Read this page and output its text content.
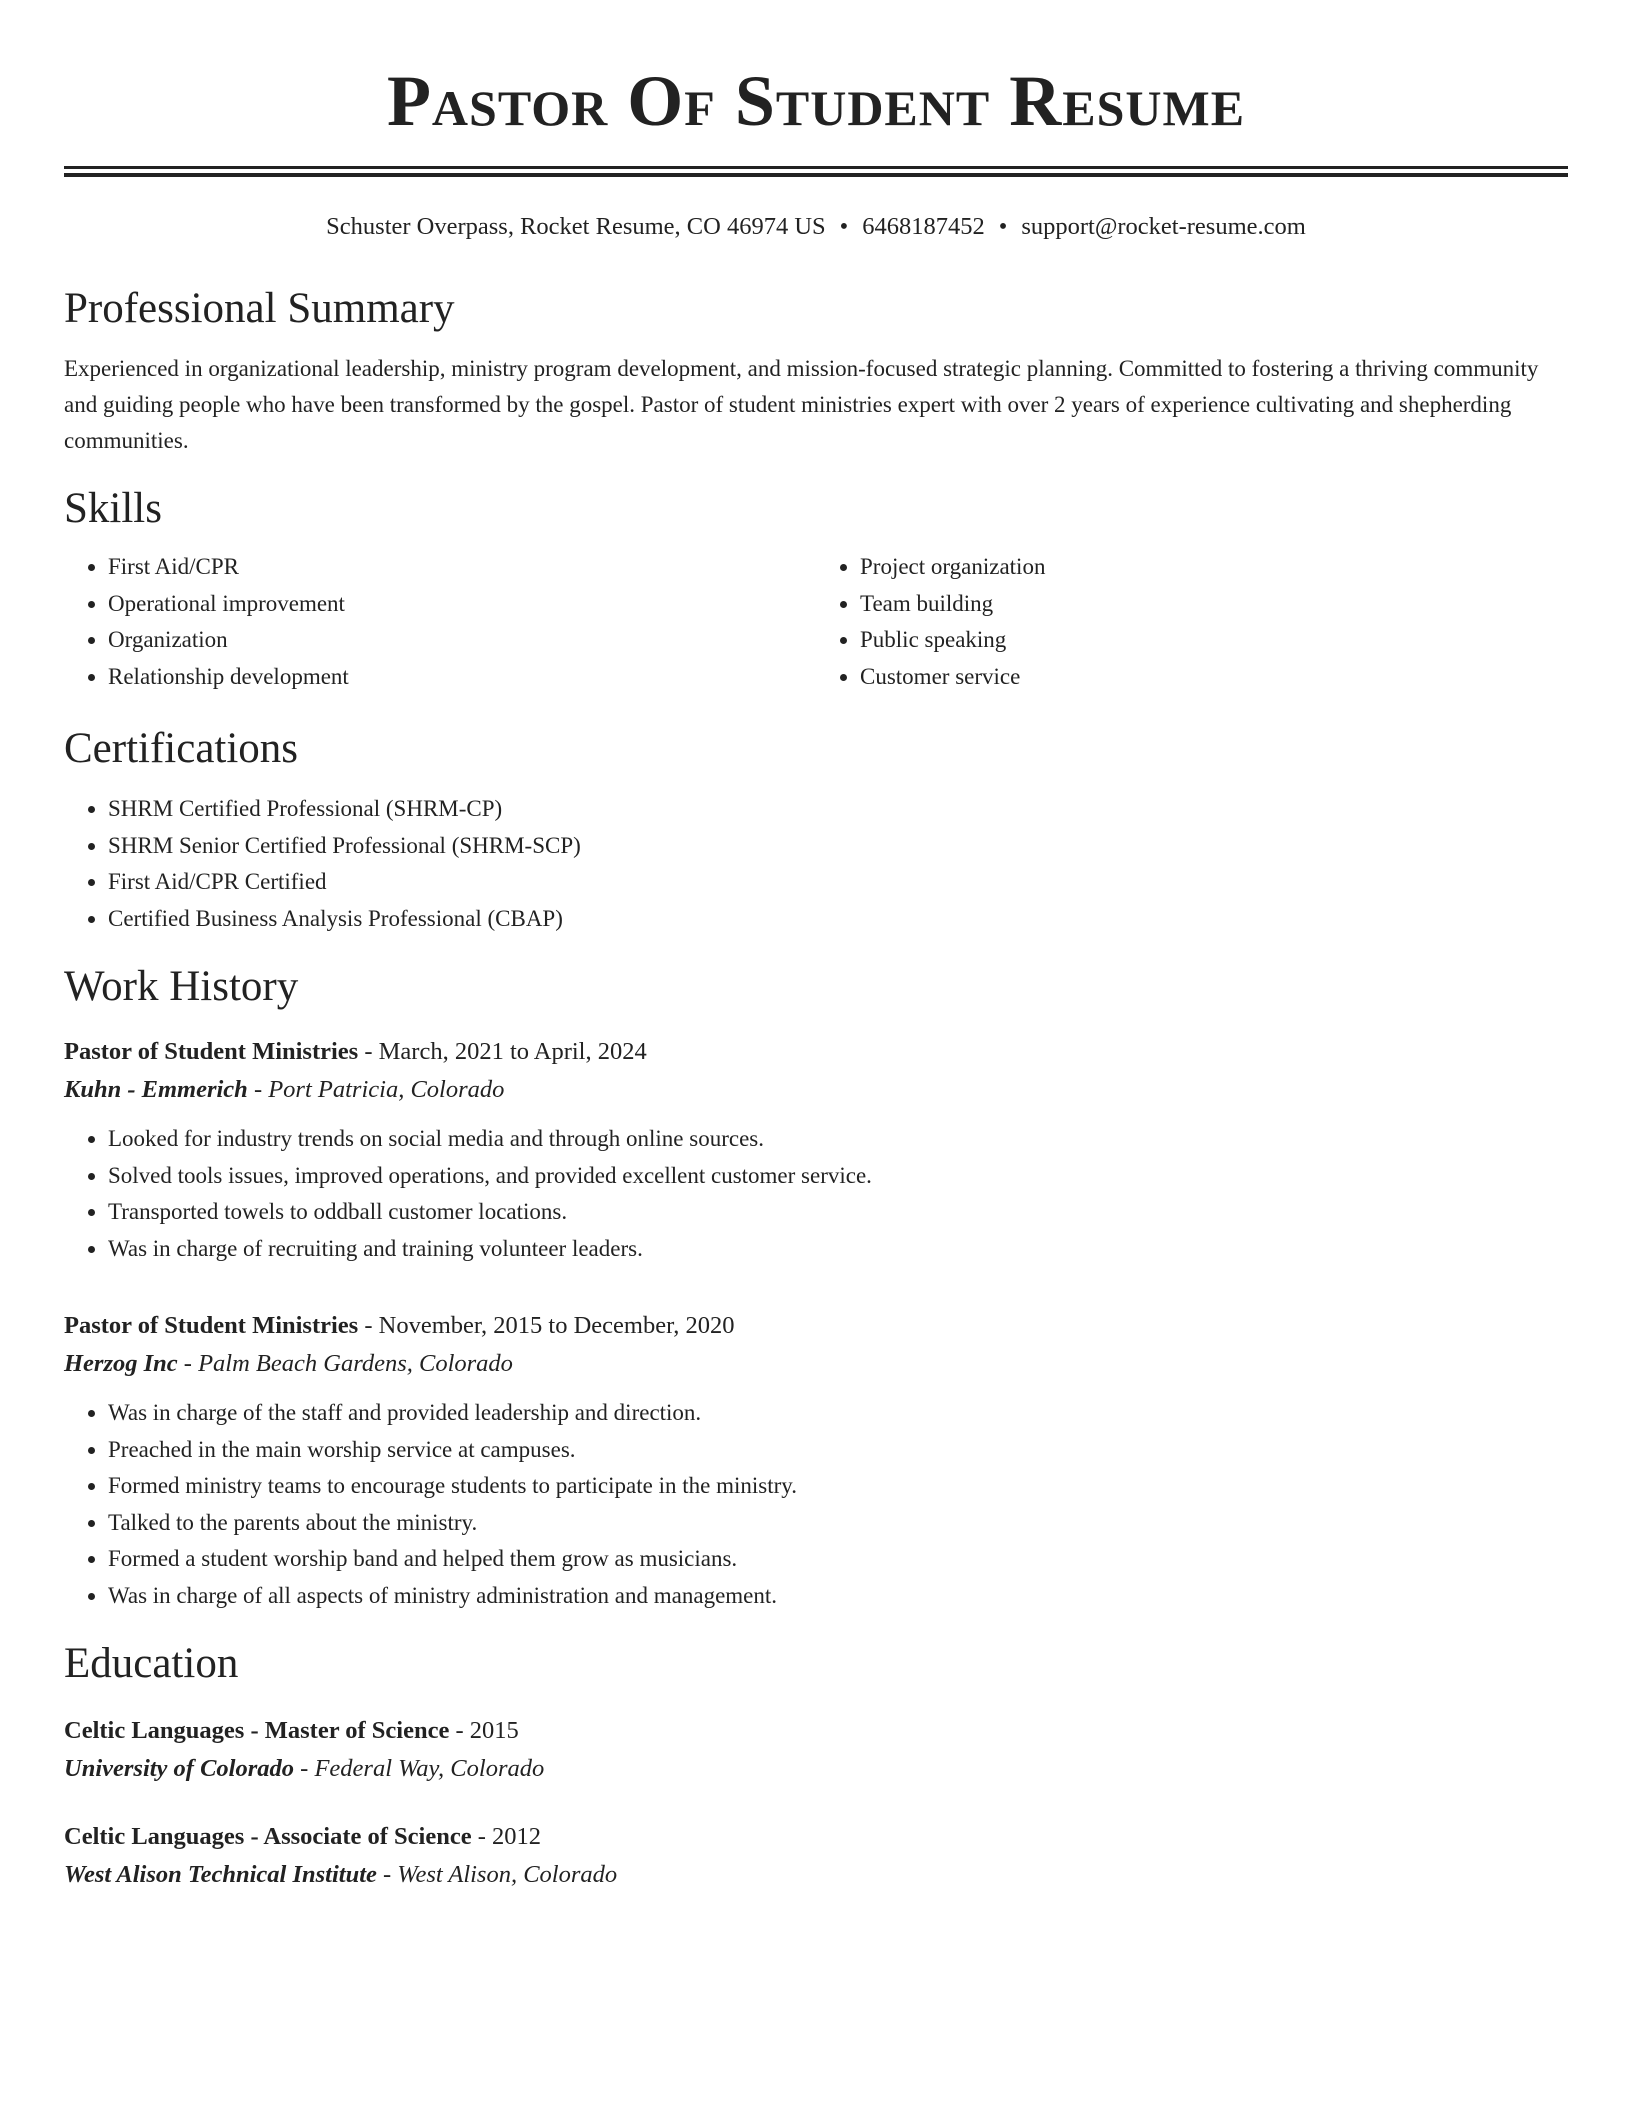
Pastor Of Student Resume
Schuster Overpass, Rocket Resume, CO 46974 US • 6468187452 • support@rocket-resume.com
Professional Summary
Experienced in organizational leadership, ministry program development, and mission-focused strategic planning. Committed to fostering a thriving community and guiding people who have been transformed by the gospel. Pastor of student ministries expert with over 2 years of experience cultivating and shepherding communities.
Skills
• First Aid/CPR
• Operational improvement
• Organization
• Relationship development
• Project organization
• Team building
• Public speaking
• Customer service
Certifications
• SHRM Certified Professional (SHRM-CP)
• SHRM Senior Certified Professional (SHRM-SCP)
• First Aid/CPR Certified
• Certified Business Analysis Professional (CBAP)
Work History
Pastor of Student Ministries - March, 2021 to April, 2024
Kuhn - Emmerich - Port Patricia, Colorado
• Looked for industry trends on social media and through online sources.
• Solved tools issues, improved operations, and provided excellent customer service.
• Transported towels to oddball customer locations.
• Was in charge of recruiting and training volunteer leaders.
Pastor of Student Ministries - November, 2015 to December, 2020
Herzog Inc - Palm Beach Gardens, Colorado
• Was in charge of the staff and provided leadership and direction.
• Preached in the main worship service at campuses.
• Formed ministry teams to encourage students to participate in the ministry.
• Talked to the parents about the ministry.
• Formed a student worship band and helped them grow as musicians.
• Was in charge of all aspects of ministry administration and management.
Education
Celtic Languages - Master of Science - 2015
University of Colorado - Federal Way, Colorado
Celtic Languages - Associate of Science - 2012
West Alison Technical Institute - West Alison, Colorado
